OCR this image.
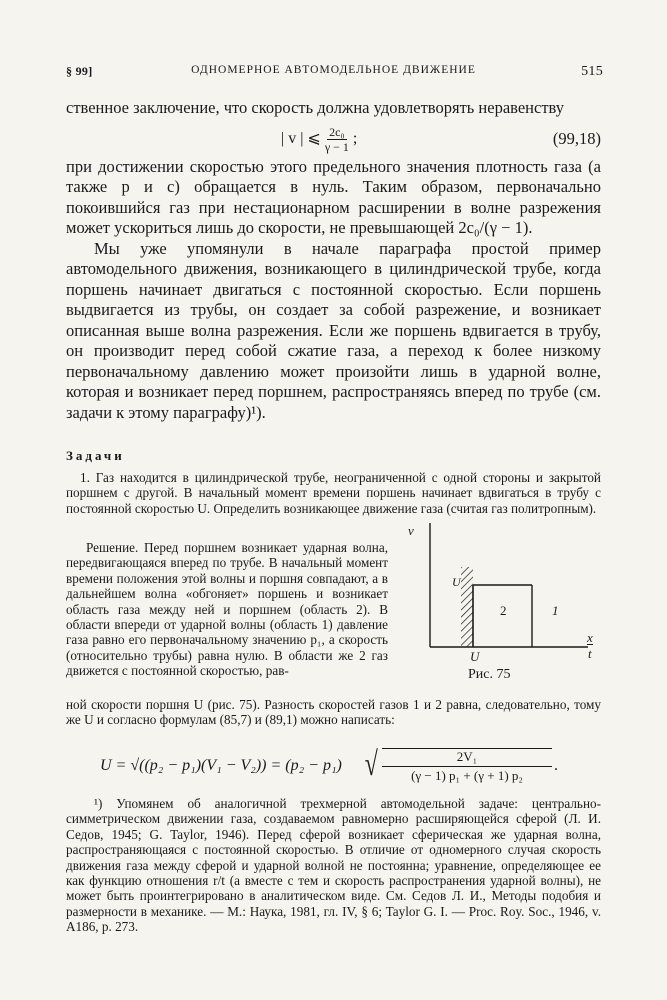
§ 99]	ОДНОМЕРНОЕ АВТОМОДЕЛЬНОЕ ДВИЖЕНИЕ	515

ственное заключение, что скорость должна удовлетворять неравенству

| v | ⩽ $\frac{\text{2c₀}}{\gamma - 1}$ ;	(99,18)

при достижении скоростью этого предельного значения плотность газа (а также p и c) обращается в нуль. Таким образом, первоначально покоившийся газ при нестационарном расширении в волне разрежения может ускориться лишь до скорости, не превышающей 2c₀/(γ − 1).

Мы уже упомянули в начале параграфа простой пример автомодельного движения, возникающего в цилиндрической трубе, когда поршень начинает двигаться с постоянной скоростью. Если поршень выдвигается из трубы, он создает за собой разрежение, и возникает описанная выше волна разрежения. Если же поршень вдвигается в трубу, он производит перед собой сжатие газа, а переход к более низкому первоначальному давлению может произойти лишь в ударной волне, которая и возникает перед поршнем, распространяясь вперед по трубе (см. задачи к этому параграфу)¹).

Задачи

1. Газ находится в цилиндрической трубе, неограниченной с одной стороны и закрытой поршнем с другой. В начальный момент времени поршень начинает вдвигаться в трубу с постоянной скоростью U. Определить возникающее движение газа (считая газ политропным).

Решение. Перед поршнем возникает ударная волна, передвигающаяся вперед по трубе. В начальный момент времени положения этой волны и поршня совпадают, а в дальнейшем волна «обгоняет» поршень и возникает область газа между ней и поршнем (область 2). В области впереди от ударной волны (область 1) давление газа равно его первоначальному значению p₁, а скорость (относительно трубы) равна нулю. В области же 2 газ движется с постоянной скоростью, рав-

v
U
2	1
U
x
t
Рис. 75

ной скорости поршня U (рис. 75). Разность скоростей газов 1 и 2 равна, следовательно, тому же U и согласно формулам (85,7) и (89,1) можно написать:

U = √((p₂ − p₁)(V₁ − V₂)) = (p₂ − p₁) √	2V₁
(γ − 1) p₁ + (γ + 1) p₂
.

¹) Упомянем об аналогичной трехмерной автомодельной задаче: центрально-симметрическом движении газа, создаваемом равномерно расширяющейся сферой (Л. И. Седов, 1945; G. Taylor, 1946). Перед сферой возникает сферическая же ударная волна, распространяющаяся с постоянной скоростью. В отличие от одномерного случая скорость движения газа между сферой и ударной волной не постоянна; уравнение, определяющее ее как функцию отношения r/t (а вместе с тем и скорость распространения ударной волны), не может быть проинтегрировано в аналитическом виде. См. Седов Л. И., Методы подобия и размерности в механике. — М.: Наука, 1981, гл. IV, § 6; Taylor G. I. — Proc. Roy. Soc., 1946, v. A186, p. 273.
